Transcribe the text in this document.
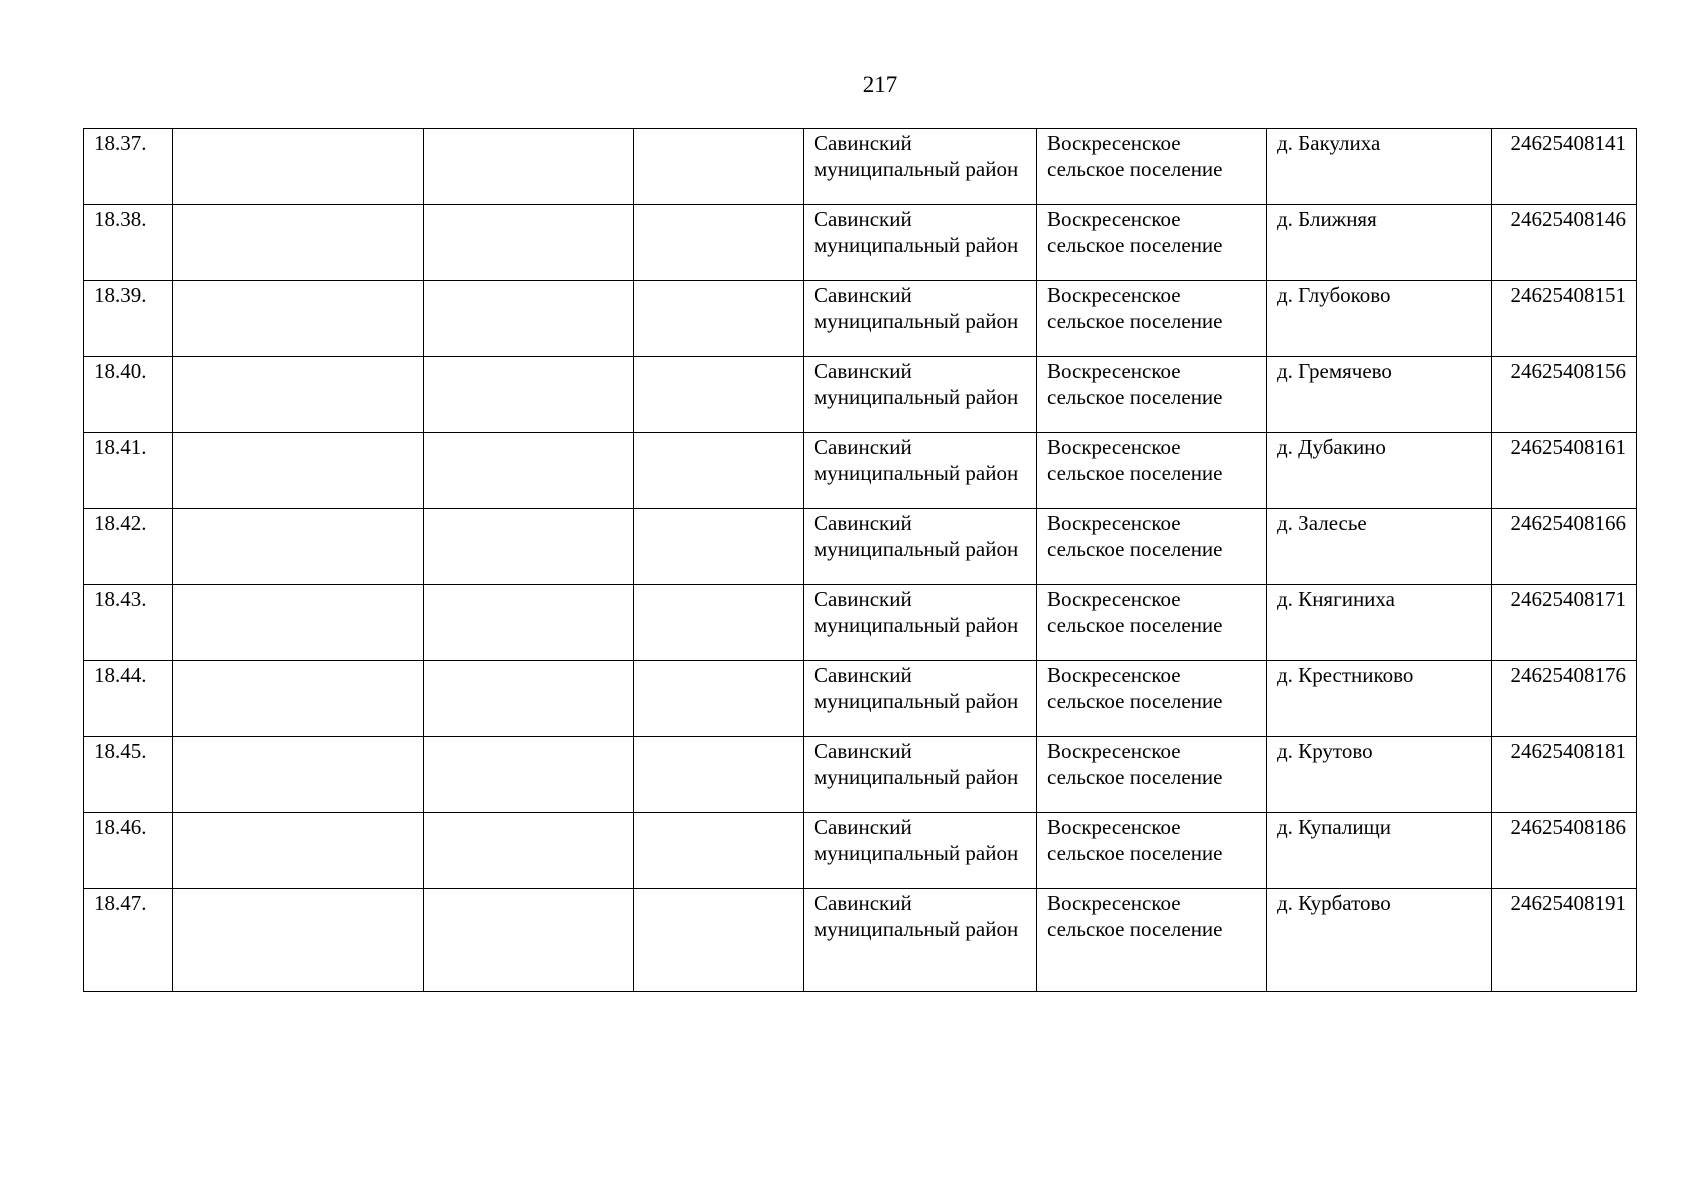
217
18.37.				Савинский муниципальный район	Воскресенское сельское поселение	д. Бакулиха	24625408141
18.38.				Савинский муниципальный район	Воскресенское сельское поселение	д. Ближняя	24625408146
18.39.				Савинский муниципальный район	Воскресенское сельское поселение	д. Глубоково	24625408151
18.40.				Савинский муниципальный район	Воскресенское сельское поселение	д. Гремячево	24625408156
18.41.				Савинский муниципальный район	Воскресенское сельское поселение	д. Дубакино	24625408161
18.42.				Савинский муниципальный район	Воскресенское сельское поселение	д. Залесье	24625408166
18.43.				Савинский муниципальный район	Воскресенское сельское поселение	д. Княгиниха	24625408171
18.44.				Савинский муниципальный район	Воскресенское сельское поселение	д. Крестниково	24625408176
18.45.				Савинский муниципальный район	Воскресенское сельское поселение	д. Крутово	24625408181
18.46.				Савинский муниципальный район	Воскресенское сельское поселение	д. Купалищи	24625408186
18.47.				Савинский муниципальный район	Воскресенское сельское поселение	д. Курбатово	24625408191
